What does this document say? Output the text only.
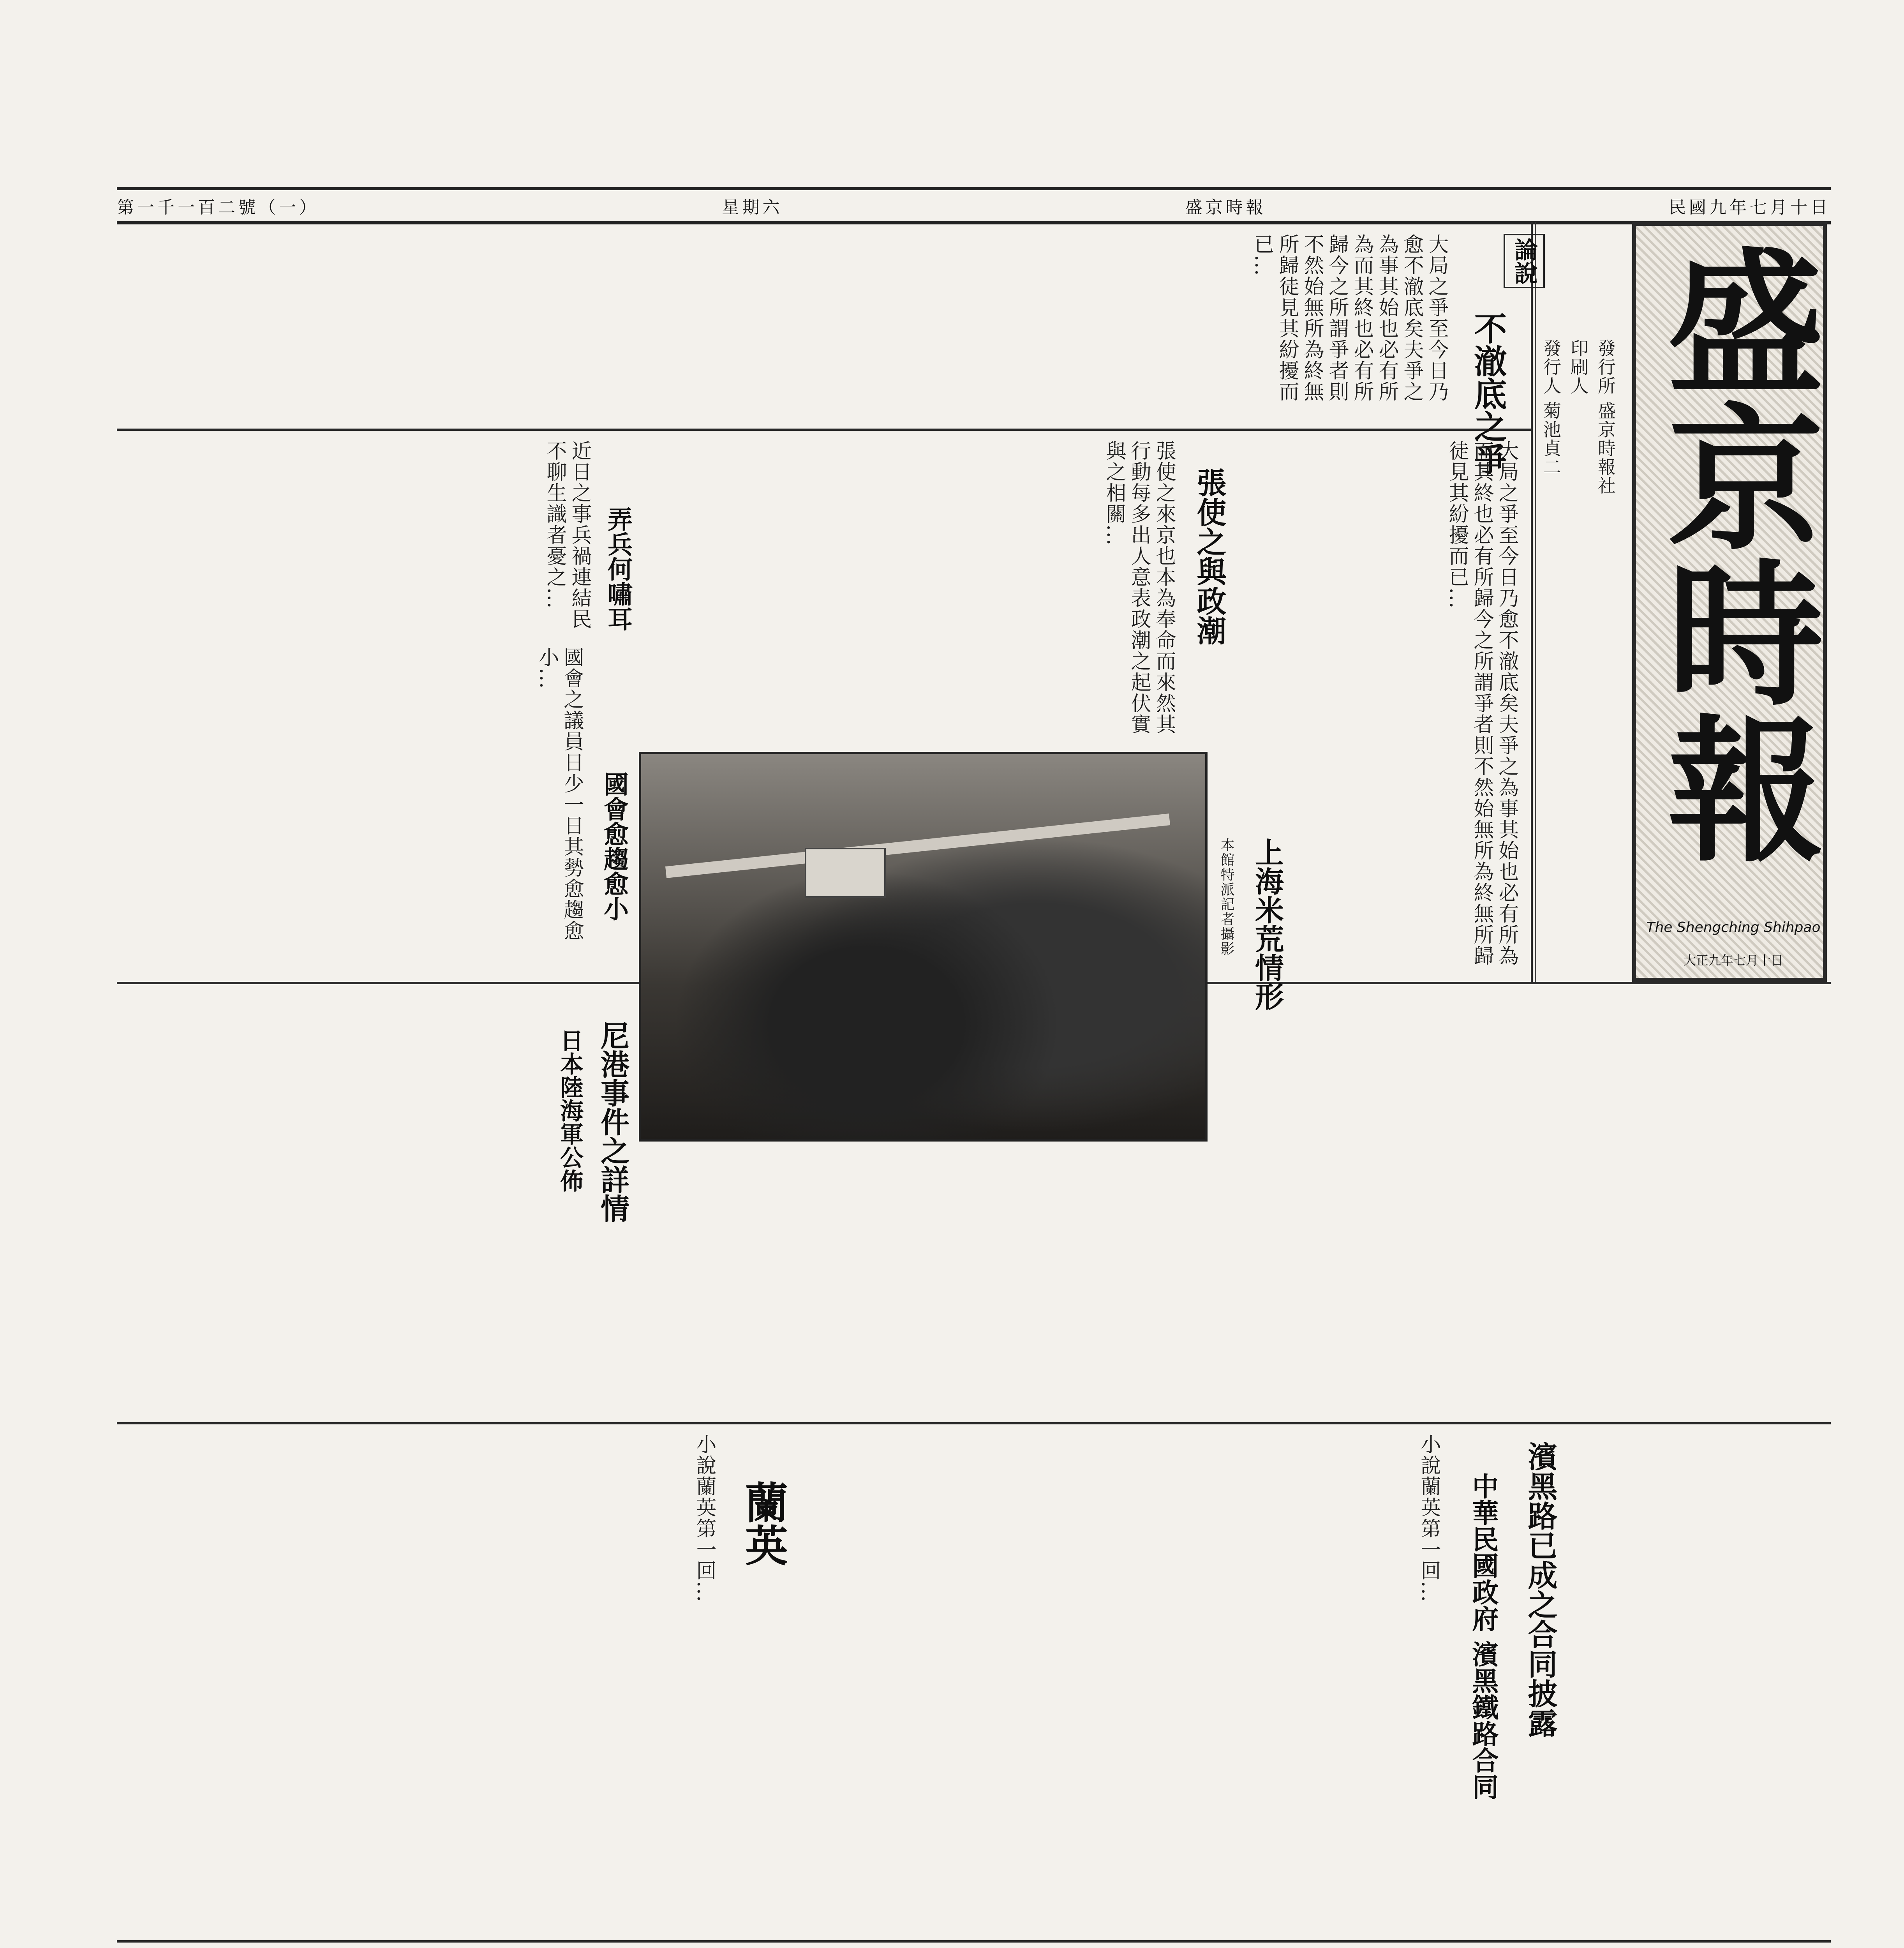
民國九年七月十日
盛京時報
星期六
第一千一百二號（一）
盛京時報
The Shengching Shihpao
大正九年七月十日
發行所 盛京時報社
印刷人
發行人 菊池貞二
論說
不澈底之爭
大局之爭至今日乃愈不澈底矣夫爭之為事其始也必有所為而其終也必有所歸今之所謂爭者則不然始無所為終無所歸徒見其紛擾而已...
大局之爭至今日乃愈不澈底矣夫爭之為事其始也必有所為而其終也必有所歸今之所謂爭者則不然始無所為終無所歸徒見其紛擾而已...
張使之與政潮
張使之來京也本為奉命而來然其行動每多出人意表政潮之起伏實與之相關...
上海米荒情形
本館特派記者攝影
弄兵何嘯耳
近日之事兵禍連結民不聊生識者憂之...
國會愈趨愈小
國會之議員日少一日其勢愈趨愈小...
尼港事件之詳情
日本陸海軍公佈
蘭英
小說蘭英第一回...	濱黑路已成之合同披露
中華民國政府 濱黑鐵路合同
小說蘭英第一回...
